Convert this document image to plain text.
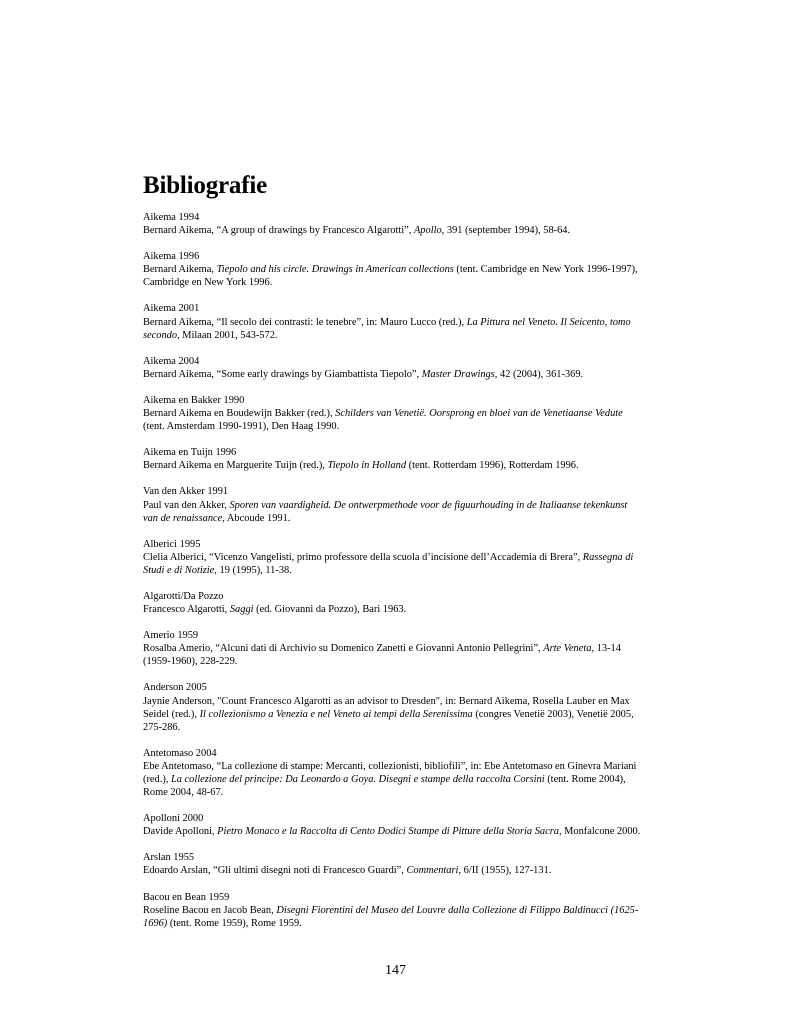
Bibliografie

Aikema 1994
Bernard Aikema, “A group of drawings by Francesco Algarotti”, Apollo, 391 (september 1994), 58-64.

Aikema 1996
Bernard Aikema, Tiepolo and his circle. Drawings in American collections (tent. Cambridge en New York 1996-1997), Cambridge en New York 1996.

Aikema 2001
Bernard Aikema, “Il secolo dei contrasti: le tenebre”, in: Mauro Lucco (red.), La Pittura nel Veneto. Il Seicento, tomo secondo, Milaan 2001, 543-572.

Aikema 2004
Bernard Aikema, “Some early drawings by Giambattista Tiepolo”, Master Drawings, 42 (2004), 361-369.

Aikema en Bakker 1990
Bernard Aikema en Boudewijn Bakker (red.), Schilders van Venetië. Oorsprong en bloei van de Venetiaanse Vedute (tent. Amsterdam 1990-1991), Den Haag 1990.

Aikema en Tuijn 1996
Bernard Aikema en Marguerite Tuijn (red.), Tiepolo in Holland (tent. Rotterdam 1996), Rotterdam 1996.

Van den Akker 1991
Paul van den Akker, Sporen van vaardigheid. De ontwerpmethode voor de figuurhouding in de Italiaanse tekenkunst van de renaissance, Abcoude 1991.

Alberici 1995
Clelia Alberici, “Vicenzo Vangelisti, primo professore della scuola d’incisione dell’Accademia di Brera”, Rassegna di Studi e di Notizie, 19 (1995), 11-38.

Algarotti/Da Pozzo
Francesco Algarotti, Saggi (ed. Giovanni da Pozzo), Bari 1963.

Amerio 1959
Rosalba Amerio, “Alcuni dati di Archivio su Domenico Zanetti e Giovanni Antonio Pellegrini”, Arte Veneta, 13-14 (1959-1960), 228-229.

Anderson 2005
Jaynie Anderson, "Count Francesco Algarotti as an advisor to Dresden", in: Bernard Aikema, Rosella Lauber en Max Seidel (red.), Il collezionismo a Venezia e nel Veneto ai tempi della Serenissima (congres Venetië 2003), Venetië 2005, 275-286.

Antetomaso 2004
Ebe Antetomaso, “La collezione di stampe: Mercanti, collezionisti, bibliofili”, in: Ebe Antetomaso en Ginevra Mariani (red.), La collezione del principe: Da Leonardo a Goya. Disegni e stampe della raccolta Corsini (tent. Rome 2004), Rome 2004, 48-67.

Apolloni 2000
Davide Apolloni, Pietro Monaco e la Raccolta di Cento Dodici Stampe di Pitture della Storia Sacra, Monfalcone 2000.

Arslan 1955
Edoardo Arslan, “Gli ultimi disegni noti di Francesco Guardi”, Commentari, 6/II (1955), 127-131.

Bacou en Bean 1959
Roseline Bacou en Jacob Bean, Disegni Fiorentini del Museo del Louvre dalla Collezione di Filippo Baldinucci (1625-1696) (tent. Rome 1959), Rome 1959.

147
